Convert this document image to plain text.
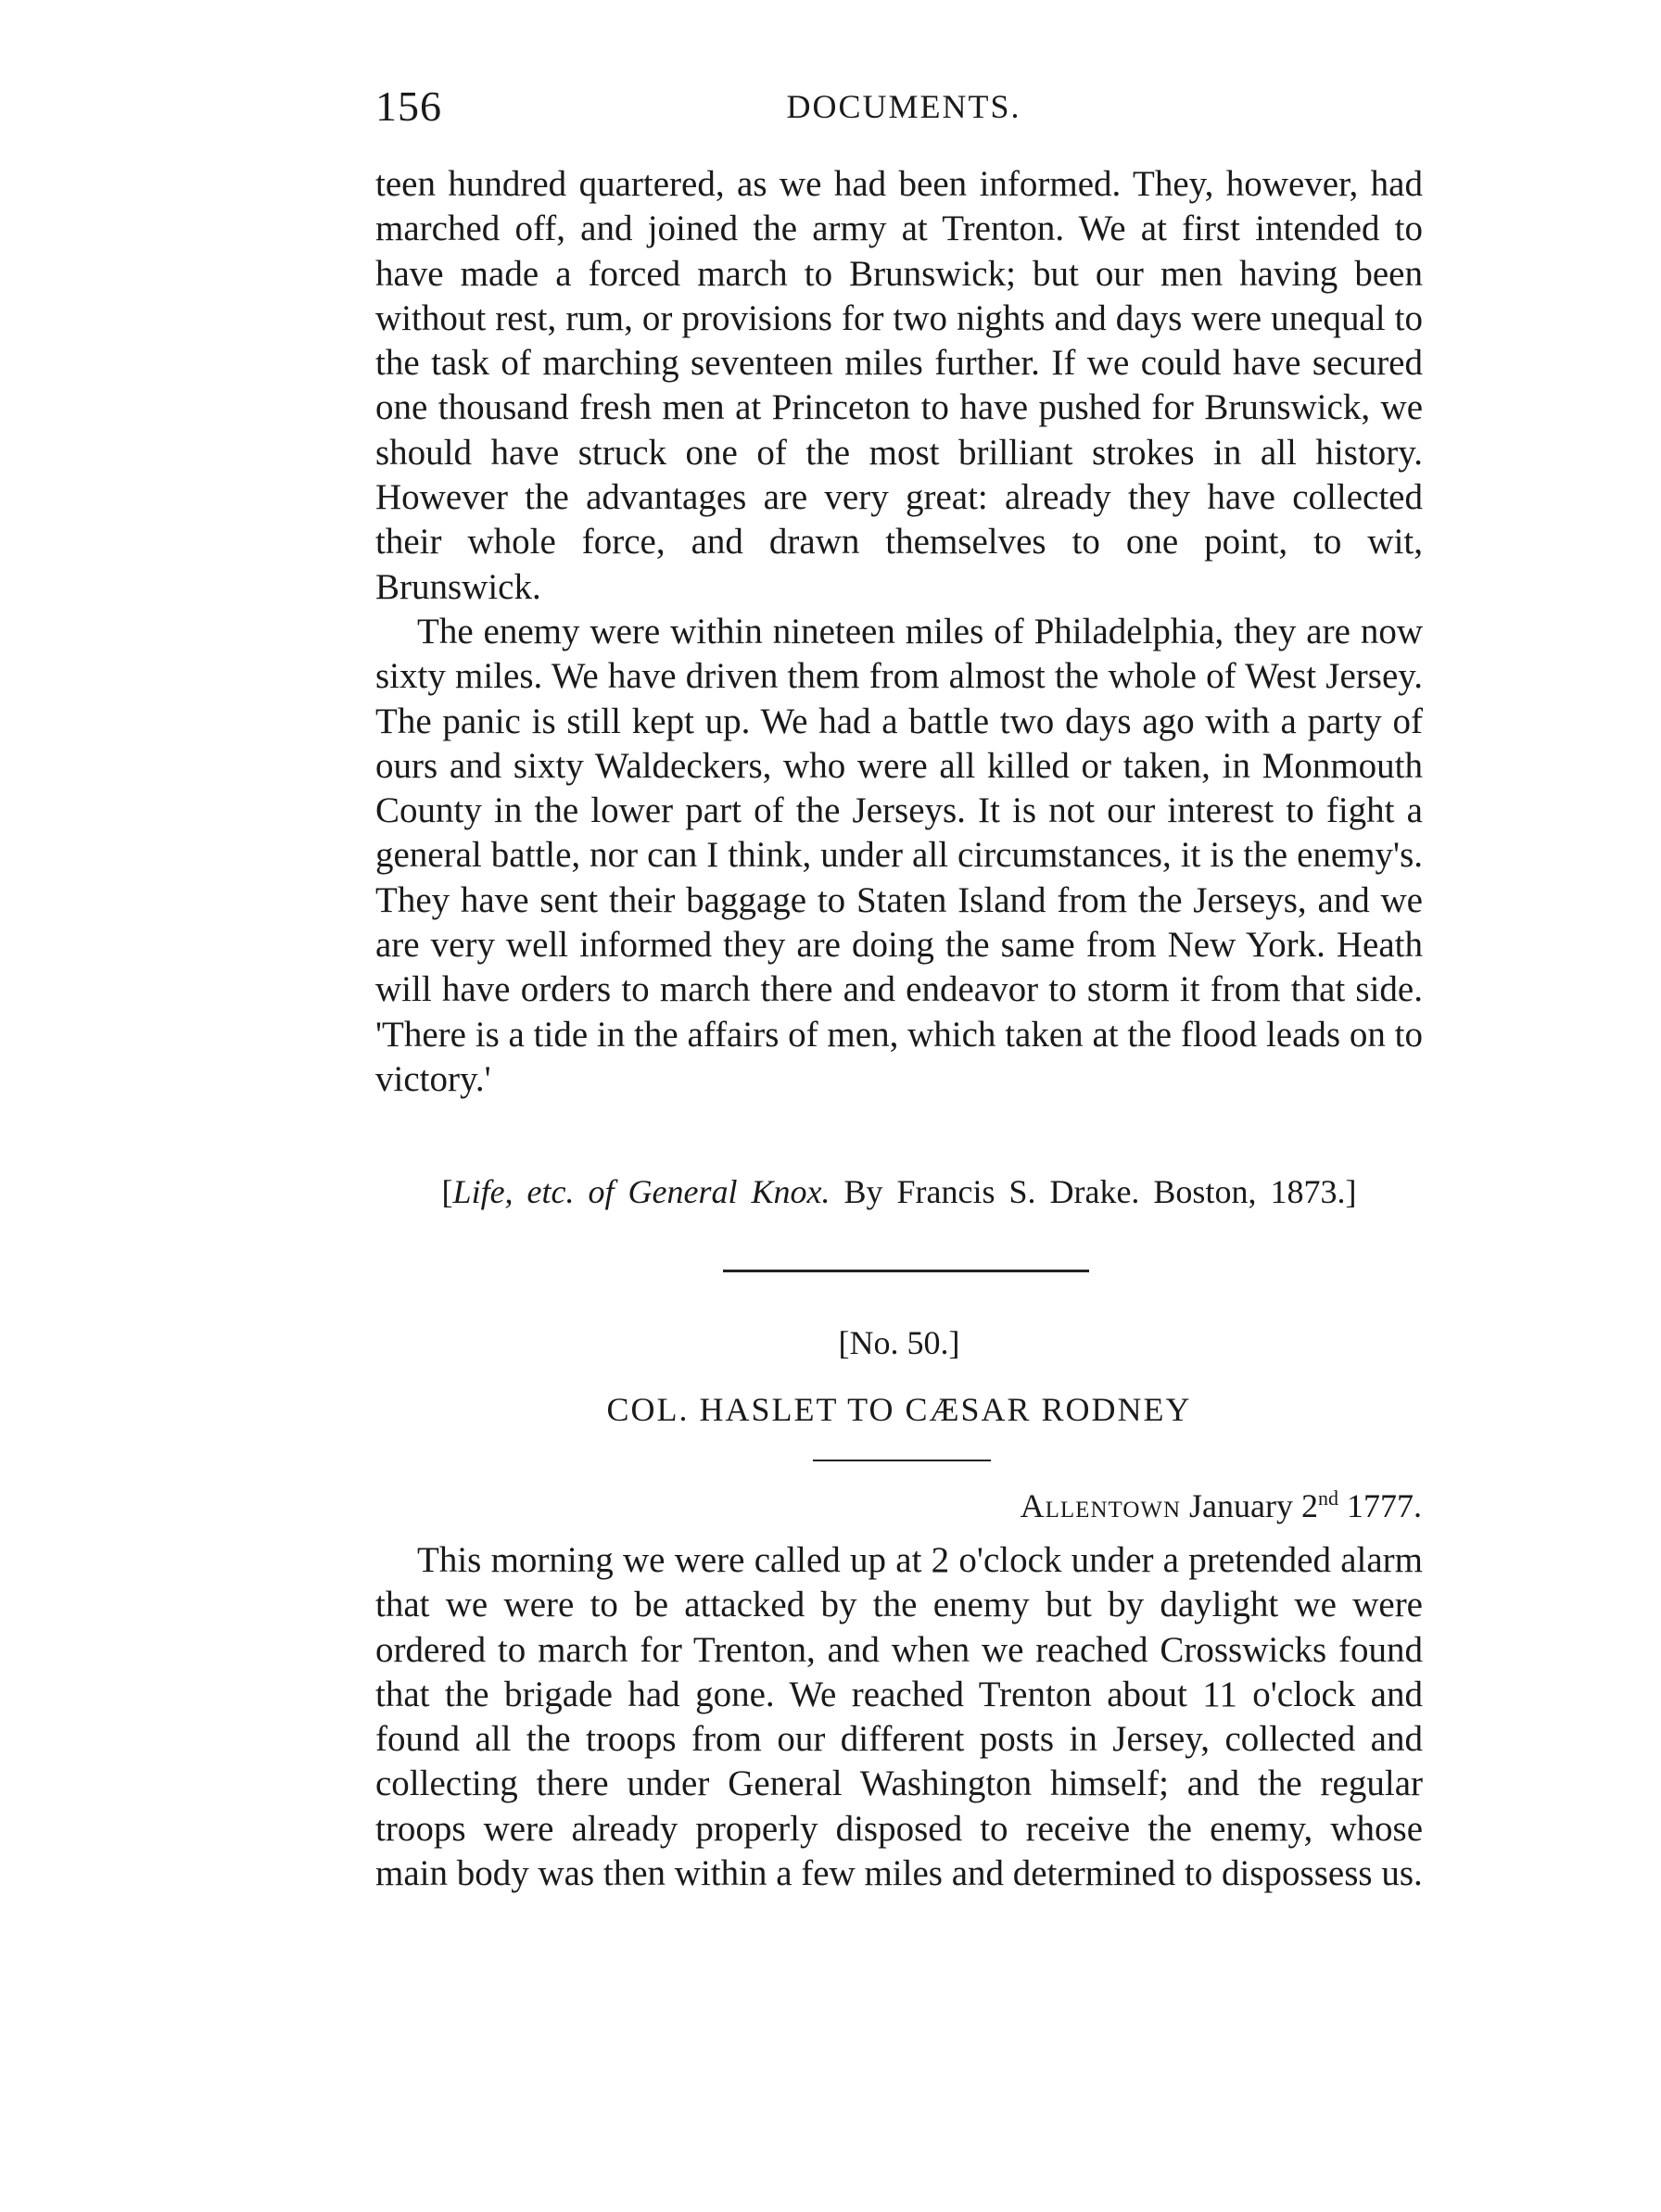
156	DOCUMENTS.

teen hundred quartered, as we had been informed. They, however, had marched off, and joined the army at Trenton. We at first intended to have made a forced march to Brunswick; but our men having been without rest, rum, or provisions for two nights and days were unequal to the task of marching seventeen miles further. If we could have secured one thousand fresh men at Princeton to have pushed for Brunswick, we should have struck one of the most brilliant strokes in all history. However the advantages are very great: already they have collected their whole force, and drawn themselves to one point, to wit, Brunswick.

The enemy were within nineteen miles of Philadelphia, they are now sixty miles. We have driven them from almost the whole of West Jersey. The panic is still kept up. We had a battle two days ago with a party of ours and sixty Waldeckers, who were all killed or taken, in Monmouth County in the lower part of the Jerseys. It is not our interest to fight a general battle, nor can I think, under all circumstances, it is the enemy's. They have sent their baggage to Staten Island from the Jerseys, and we are very well informed they are doing the same from New York. Heath will have orders to march there and endeavor to storm it from that side. 'There is a tide in the affairs of men, which taken at the flood leads on to victory.'

[Life, etc. of General Knox. By Francis S. Drake. Boston, 1873.]
[No. 50.]
COL. HASLET TO CÆSAR RODNEY
Allentown January 2nd 1777.

This morning we were called up at 2 o'clock under a pretended alarm that we were to be attacked by the enemy but by daylight we were ordered to march for Trenton, and when we reached Crosswicks found that the brigade had gone. We reached Trenton about 11 o'clock and found all the troops from our different posts in Jersey, collected and collecting there under General Washington himself; and the regular troops were already properly disposed to receive the enemy, whose main body was then within a few miles and determined to dispossess us.
